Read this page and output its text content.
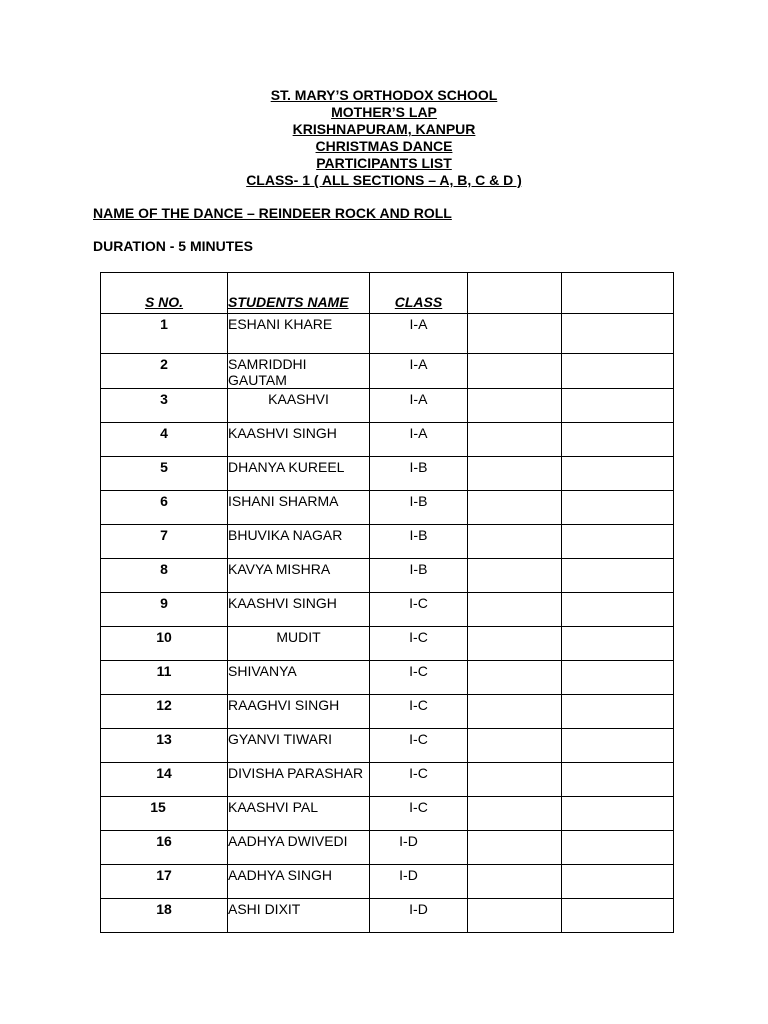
ST. MARY’S ORTHODOX SCHOOL
MOTHER’S LAP
KRISHNAPURAM, KANPUR
CHRISTMAS DANCE
PARTICIPANTS LIST
CLASS- 1 ( ALL SECTIONS – A, B, C & D )
NAME OF THE DANCE – REINDEER ROCK AND ROLL
DURATION - 5 MINUTES
S NO.	STUDENTS NAME	CLASS		

1	ESHANI KHARE	I-A		

2	SAMRIDDHI GAUTAM	I-A		

3	KAASHVI	I-A		

4	KAASHVI SINGH	I-A		

5	DHANYA KUREEL	I-B		

6	ISHANI SHARMA	I-B		

7	BHUVIKA NAGAR	I-B		

8	KAVYA MISHRA	I-B		

9	KAASHVI SINGH	I-C		

10	MUDIT	I-C		

11	SHIVANYA	I-C		

12	RAAGHVI SINGH	I-C		

13	GYANVI TIWARI	I-C		

14	DIVISHA PARASHAR	I-C		

15	KAASHVI PAL	I-C		

16	AADHYA DWIVEDI	I-D		

17	AADHYA SINGH	I-D		

18	ASHI DIXIT	I-D		
